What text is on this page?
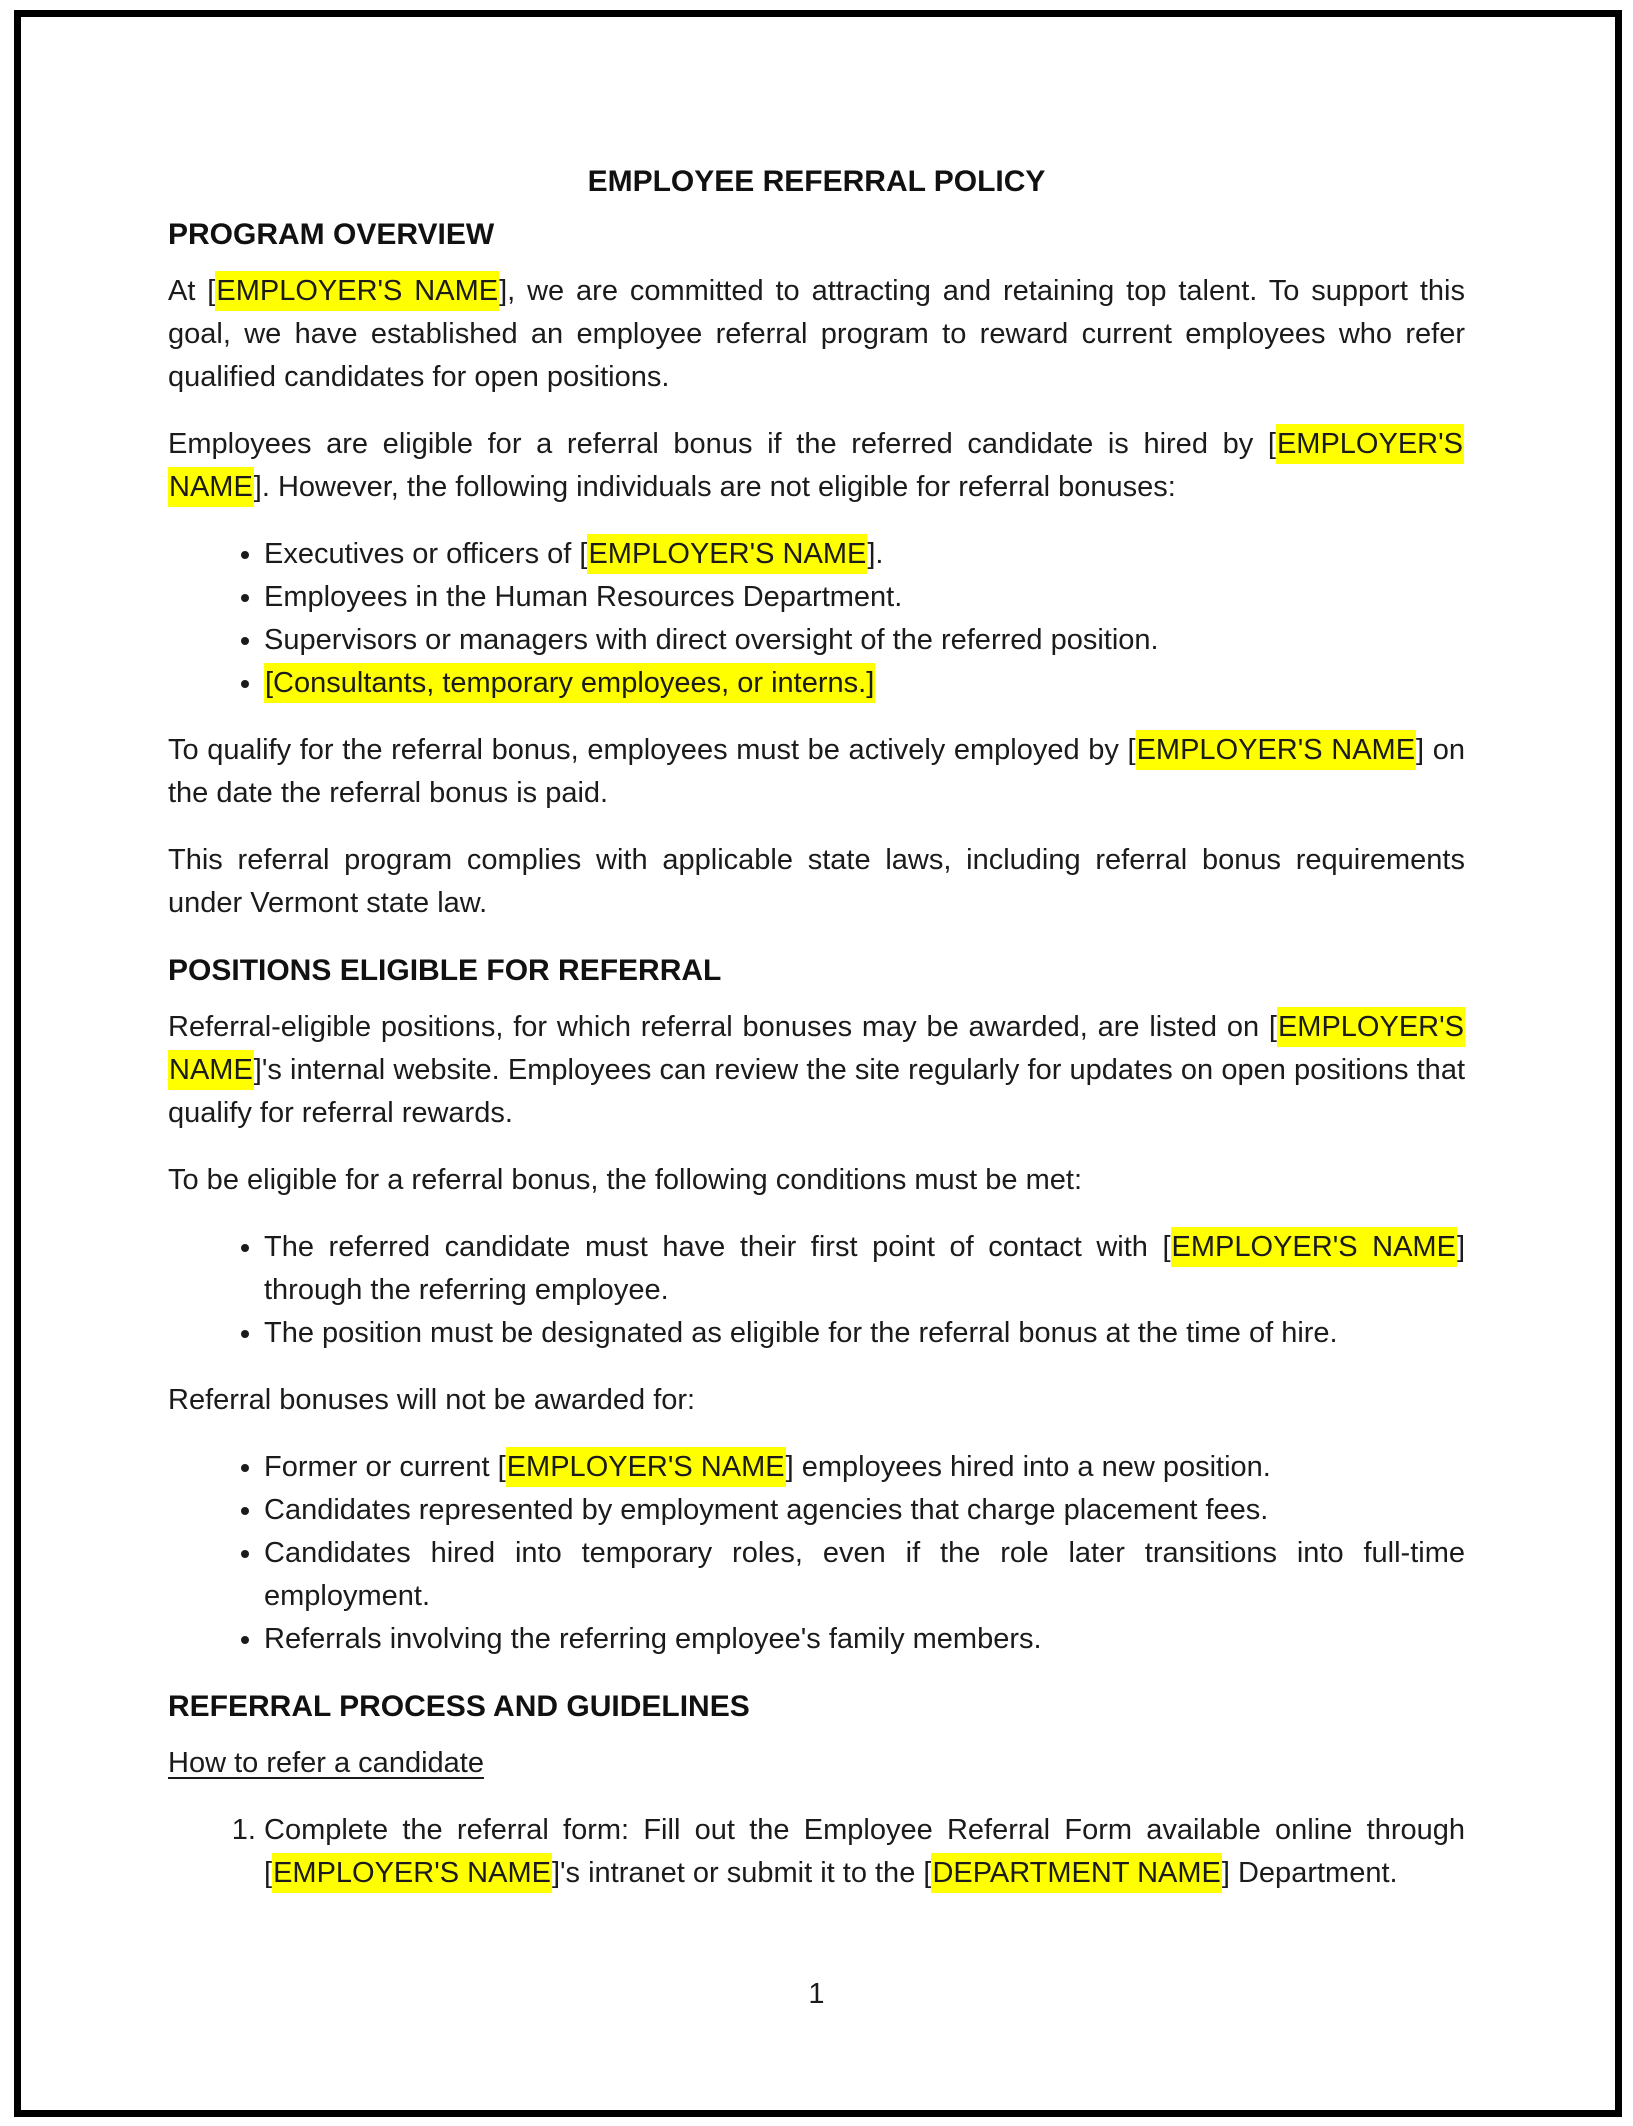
EMPLOYEE REFERRAL POLICY

PROGRAM OVERVIEW

At [EMPLOYER'S NAME], we are committed to attracting and retaining top talent. To support this goal, we have established an employee referral program to reward current employees who refer qualified candidates for open positions.

Employees are eligible for a referral bonus if the referred candidate is hired by [EMPLOYER'S NAME]. However, the following individuals are not eligible for referral bonuses:

• Executives or officers of [EMPLOYER'S NAME].
• Employees in the Human Resources Department.
• Supervisors or managers with direct oversight of the referred position.
• [Consultants, temporary employees, or interns.]

To qualify for the referral bonus, employees must be actively employed by [EMPLOYER'S NAME] on the date the referral bonus is paid.

This referral program complies with applicable state laws, including referral bonus requirements under Vermont state law.

POSITIONS ELIGIBLE FOR REFERRAL

Referral-eligible positions, for which referral bonuses may be awarded, are listed on [EMPLOYER'S NAME]'s internal website. Employees can review the site regularly for updates on open positions that qualify for referral rewards.

To be eligible for a referral bonus, the following conditions must be met:

• The referred candidate must have their first point of contact with [EMPLOYER'S NAME] through the referring employee.
• The position must be designated as eligible for the referral bonus at the time of hire.

Referral bonuses will not be awarded for:

• Former or current [EMPLOYER'S NAME] employees hired into a new position.
• Candidates represented by employment agencies that charge placement fees.
• Candidates hired into temporary roles, even if the role later transitions into full-time employment.
• Referrals involving the referring employee's family members.

REFERRAL PROCESS AND GUIDELINES

How to refer a candidate

1. Complete the referral form: Fill out the Employee Referral Form available online through [EMPLOYER'S NAME]'s intranet or submit it to the [DEPARTMENT NAME] Department.
1
